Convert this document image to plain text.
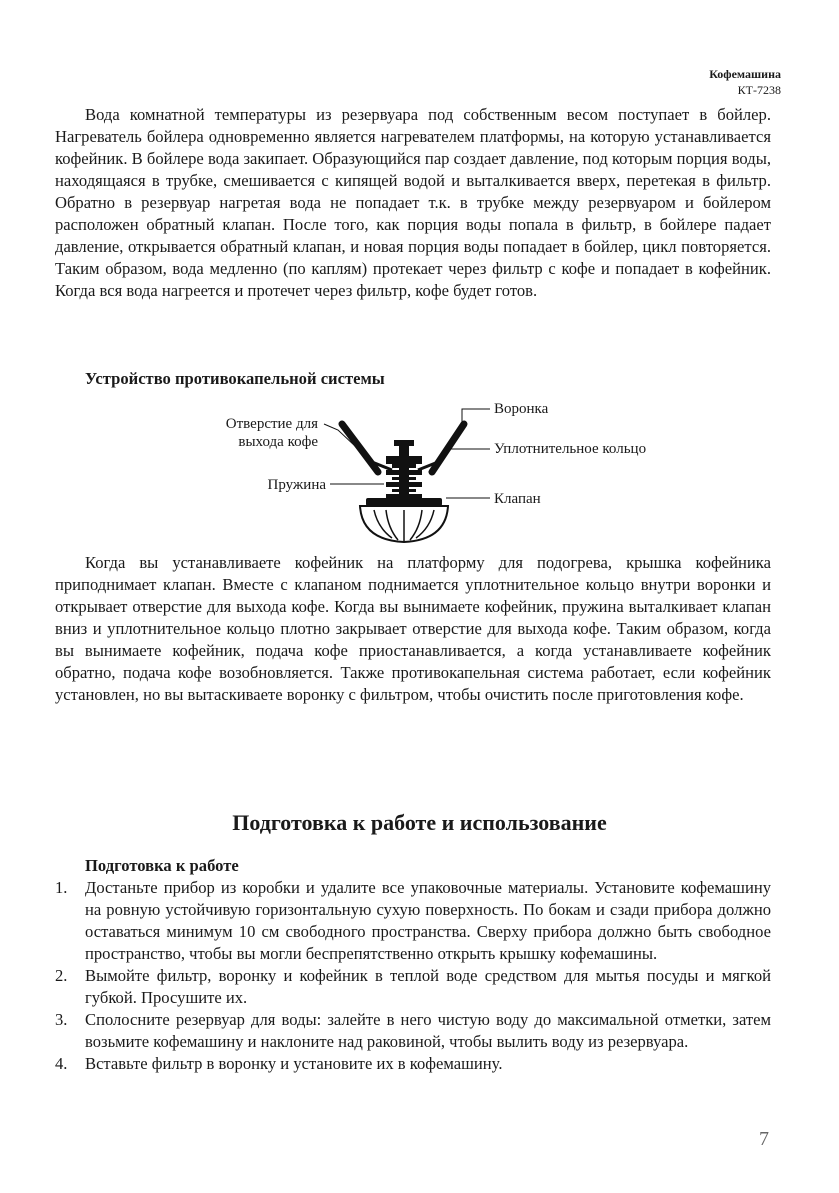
Кофемашина
КТ-7238

Вода комнатной температуры из резервуара под собственным весом поступает в бойлер. Нагреватель бойлера одновременно является нагревателем платформы, на которую устанавливается кофейник. В бойлере вода закипает. Образующийся пар создает давление, под которым порция воды, находящаяся в трубке, смешивается с кипящей водой и выталкивается вверх, перетекая в фильтр. Обратно в резервуар нагретая вода не попадает т.к. в трубке между резервуаром и бойлером расположен обратный клапан. После того, как порция воды попала в фильтр, в бойлере падает давление, открывается обратный клапан, и новая порция воды попадает в бойлер, цикл повторяется. Таким образом, вода медленно (по каплям) протекает через фильтр с кофе и попадает в кофейник. Когда вся вода нагреется и протечет через фильтр, кофе будет готов.

Устройство противокапельной системы

Отверстие для
выхода кофе
Пружина
Воронка
Уплотнительное кольцо
Клапан

Когда вы устанавливаете кофейник на платформу для подогрева, крышка кофейника приподнимает клапан. Вместе с клапаном поднимается уплотнительное кольцо внутри воронки и открывает отверстие для выхода кофе. Когда вы вынимаете кофейник, пружина выталкивает клапан вниз и уплотнительное кольцо плотно закрывает отверстие для выхода кофе. Таким образом, когда вы вынимаете кофейник, подача кофе приостанавливается, а когда устанавливаете кофейник обратно, подача кофе возобновляется. Также противокапельная система работает, если кофейник установлен, но вы вытаскиваете воронку с фильтром, чтобы очистить после приготовления кофе.

Подготовка к работе и использование

Подготовка к работе

1. Достаньте прибор из коробки и удалите все упаковочные материалы. Установите кофемашину на ровную устойчивую горизонтальную сухую поверхность. По бокам и сзади прибора должно оставаться минимум 10 см свободного пространства. Сверху прибора должно быть свободное пространство, чтобы вы могли беспрепятственно открыть крышку кофемашины.
2. Вымойте фильтр, воронку и кофейник в теплой воде средством для мытья посуды и мягкой губкой. Просушите их.
3. Сполосните резервуар для воды: залейте в него чистую воду до максимальной отметки, затем возьмите кофемашину и наклоните над раковиной, чтобы вылить воду из резервуара.
4. Вставьте фильтр в воронку и установите их в кофемашину.
7
